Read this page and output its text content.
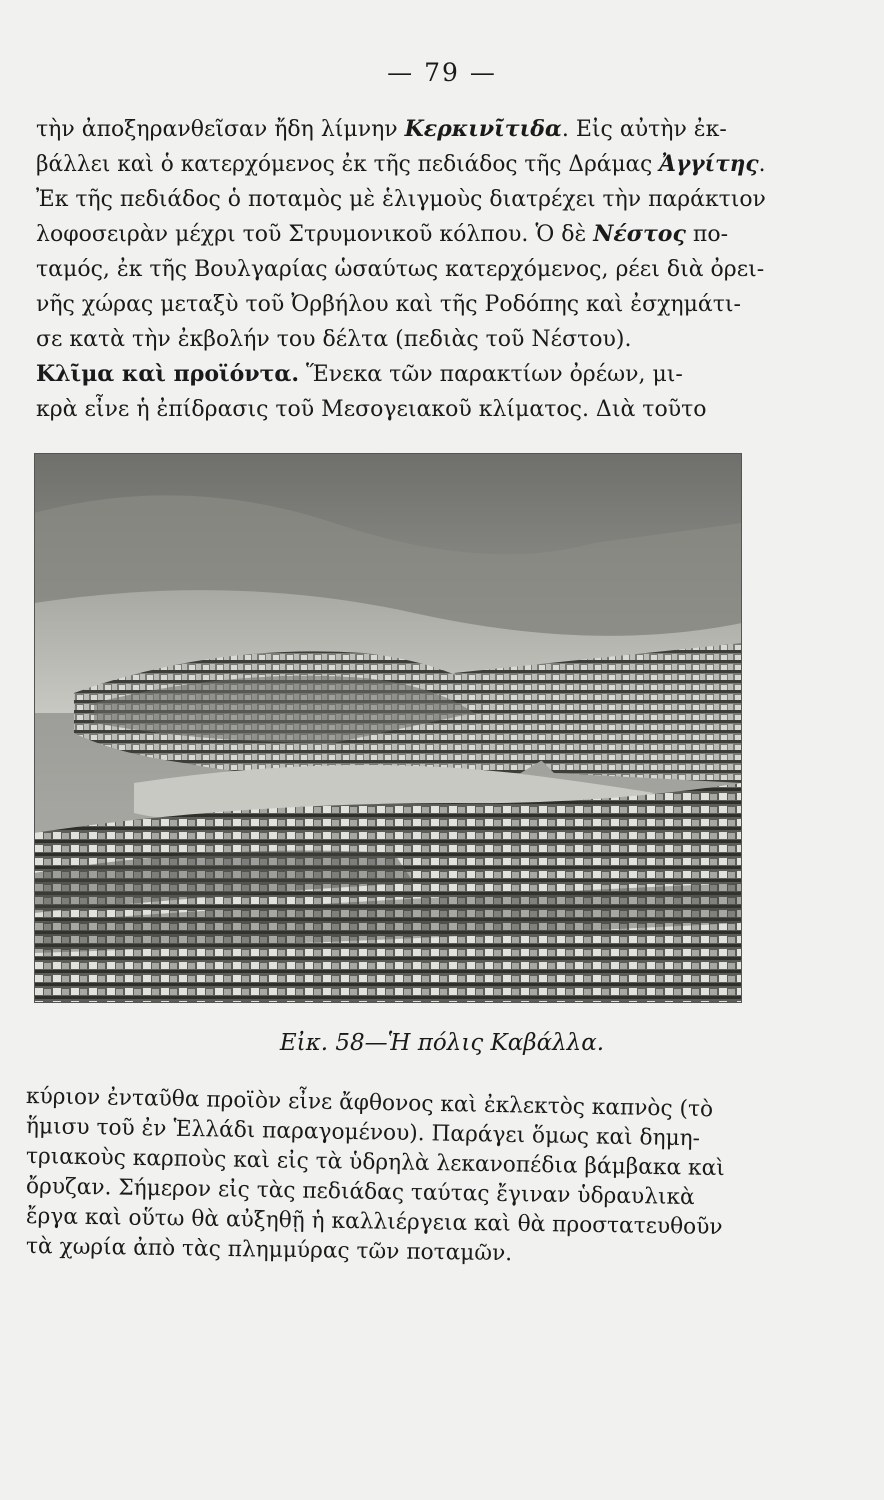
— 79 —
τὴν ἀποξηρανθεῖσαν ἤδη λίμνην Κερκινῖτιδα. Εἰς αὐτὴν ἐκ-
βάλλει καὶ ὁ κατερχόμενος ἐκ τῆς πεδιάδος τῆς Δράμας Ἀγγίτης.
Ἐκ τῆς πεδιάδος ὁ ποταμὸς μὲ ἑλιγμοὺς διατρέχει τὴν παράκτιον
λοφοσειρὰν μέχρι τοῦ Στρυμονικοῦ κόλπου. Ὁ δὲ Νέστος πο-
ταμός, ἐκ τῆς Βουλγαρίας ὡσαύτως κατερχόμενος, ρέει διὰ ὀρει-
νῆς χώρας μεταξὺ τοῦ Ὀρβήλου καὶ τῆς Ροδόπης καὶ ἐσχημάτι-
σε κατὰ τὴν ἐκβολήν του δέλτα (πεδιὰς τοῦ Νέστου).
Κλῖμα καὶ προϊόντα. Ἕνεκα τῶν παρακτίων ὀρέων, μι-
κρὰ εἶνε ἡ ἐπίδρασις τοῦ Μεσογειακοῦ κλίματος. Διὰ τοῦτο
Εἰκ. 58—Ἡ πόλις Καβάλλα.
κύριον ἐνταῦθα προϊὸν εἶνε ἄφθονος καὶ ἐκλεκτὸς καπνὸς (τὸ
ἥμισυ τοῦ ἐν Ἑλλάδι παραγομένου). Παράγει ὅμως καὶ δημη-
τριακοὺς καρποὺς καὶ εἰς τὰ ὑδρηλὰ λεκανοπέδια βάμβακα καὶ
ὄρυζαν. Σήμερον εἰς τὰς πεδιάδας ταύτας ἔγιναν ὑδραυλικὰ
ἔργα καὶ οὕτω θὰ αὐξηθῇ ἡ καλλιέργεια καὶ θὰ προστατευθοῦν
τὰ χωρία ἀπὸ τὰς πλημμύρας τῶν ποταμῶν.
